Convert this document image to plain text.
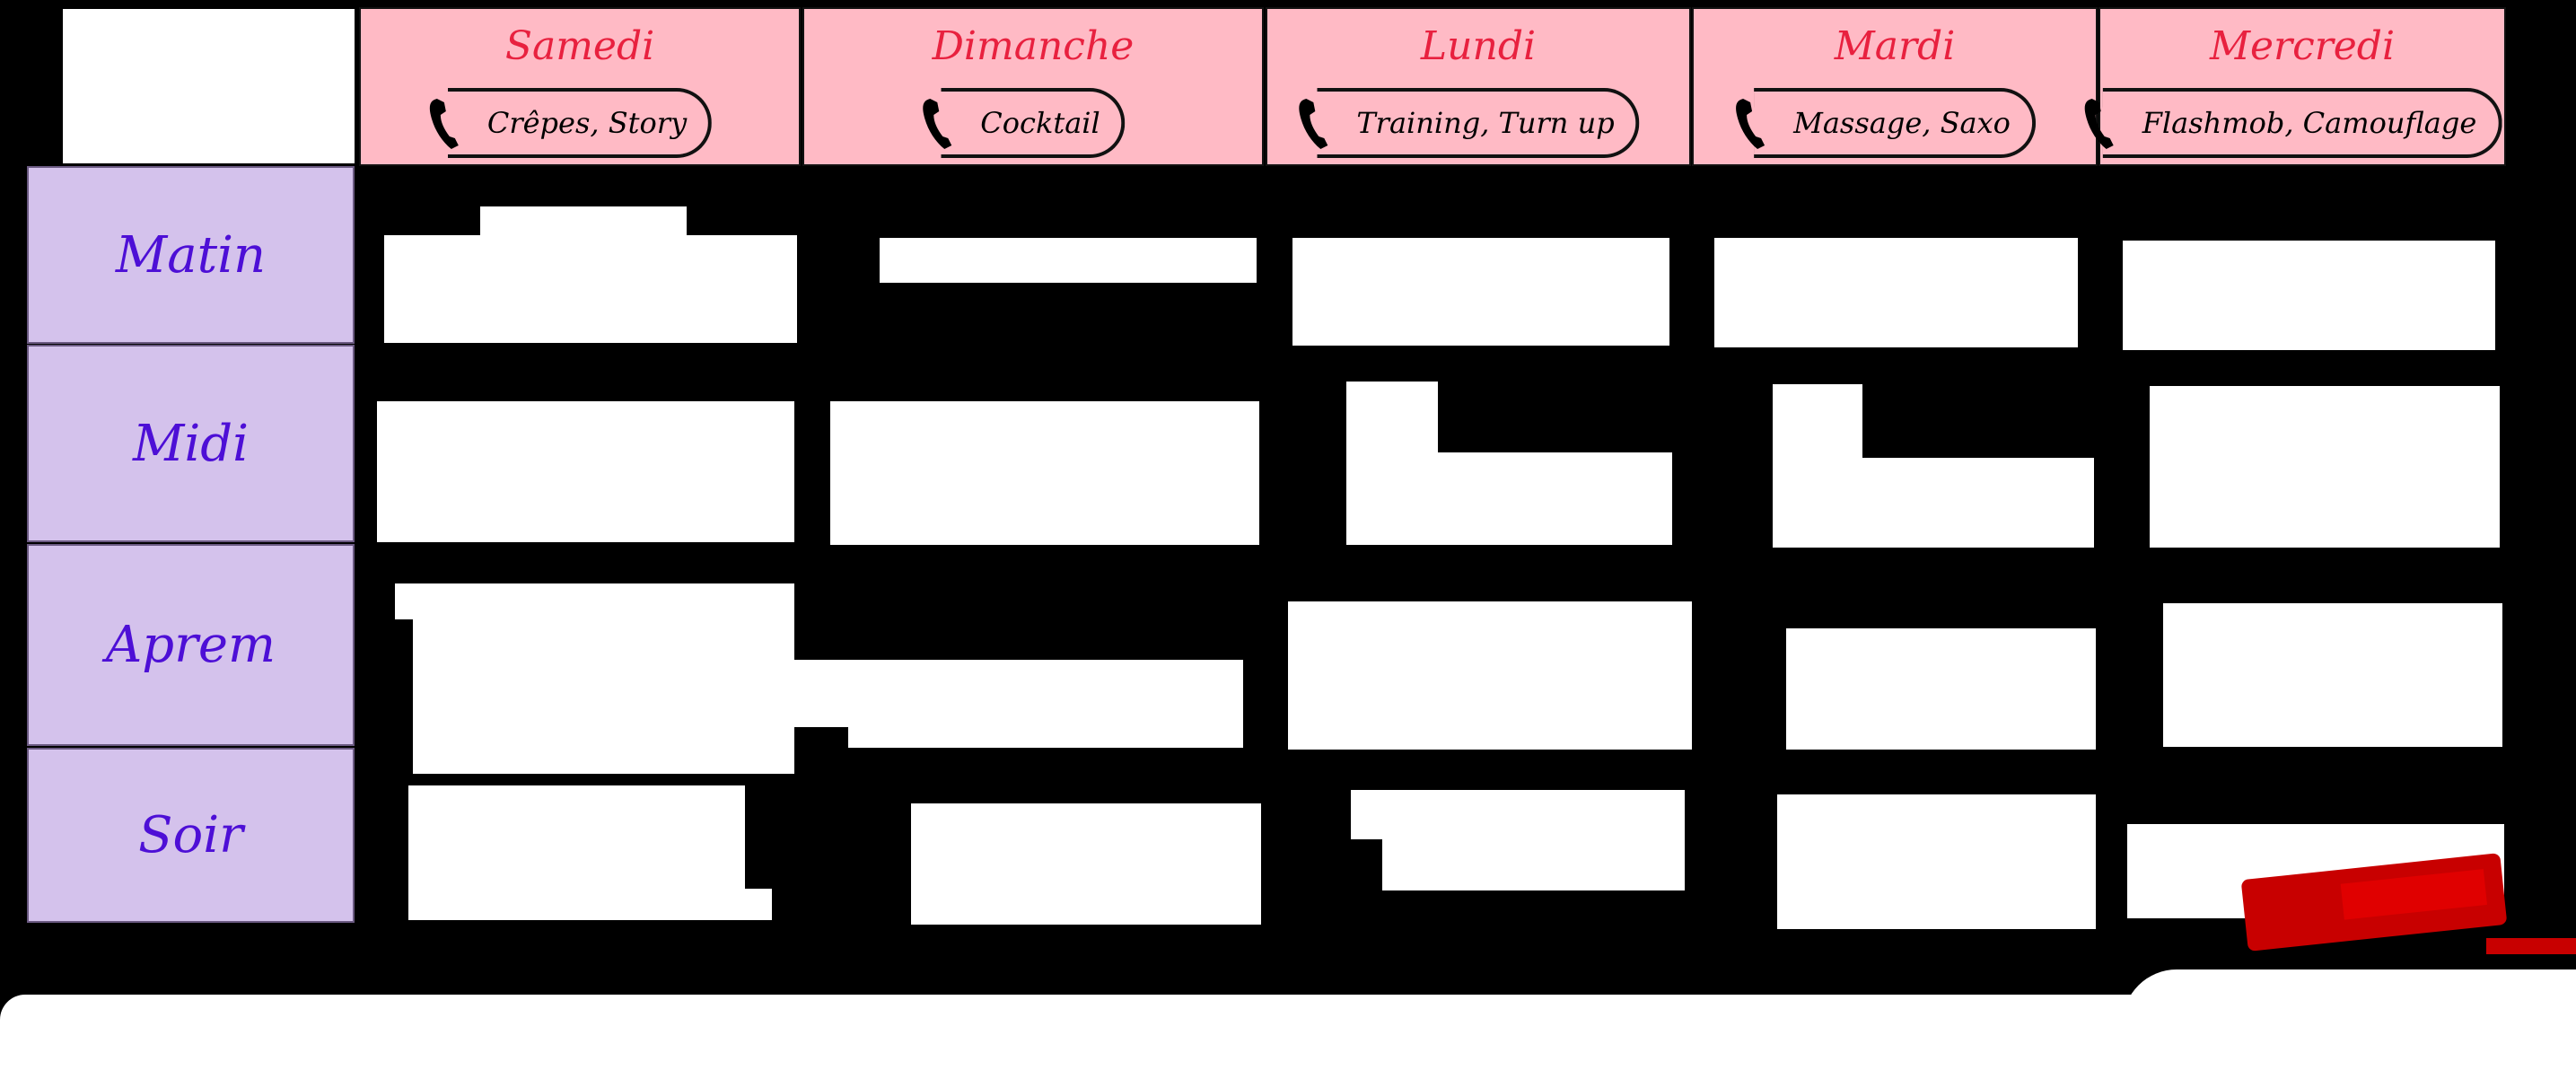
Samedi
Crêpes, Story
Dimanche
Cocktail
Lundi
Training, Turn up
Mardi
Massage, Saxo
Mercredi
Flashmob, Camouflage
Matin
Midi
Aprem
Soir
